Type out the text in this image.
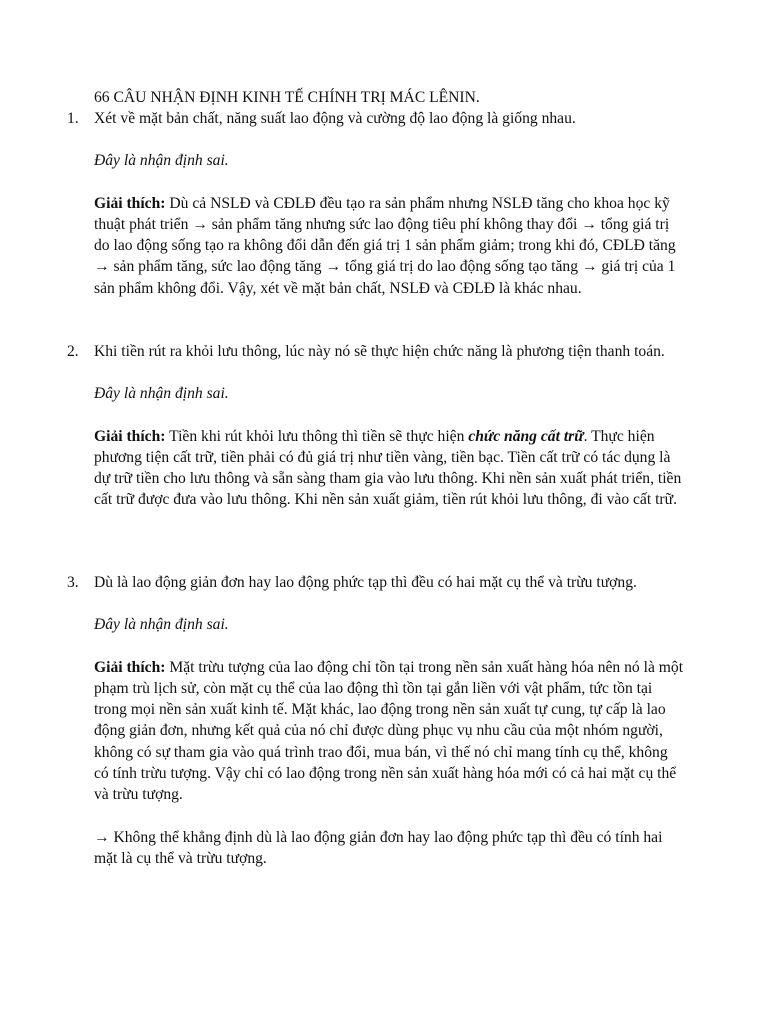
66 CÂU NHẬN ĐỊNH KINH TẾ CHÍNH TRỊ MÁC LÊNIN.
1. Xét về mặt bản chất, năng suất lao động và cường độ lao động là giống nhau.

Đây là nhận định sai.

Giải thích: Dù cả NSLĐ và CĐLĐ đều tạo ra sản phẩm nhưng NSLĐ tăng cho khoa học kỹ thuật phát triển → sản phẩm tăng nhưng sức lao động tiêu phí không thay đổi → tổng giá trị do lao động sống tạo ra không đổi dẫn đến giá trị 1 sản phẩm giảm; trong khi đó, CĐLĐ tăng → sản phẩm tăng, sức lao động tăng → tổng giá trị do lao động sống tạo tăng → giá trị của 1 sản phẩm không đổi. Vậy, xét về mặt bản chất, NSLĐ và CĐLĐ là khác nhau.

2. Khi tiền rút ra khỏi lưu thông, lúc này nó sẽ thực hiện chức năng là phương tiện thanh toán.

Đây là nhận định sai.

Giải thích: Tiền khi rút khỏi lưu thông thì tiền sẽ thực hiện chức năng cất trữ. Thực hiện phương tiện cất trữ, tiền phải có đủ giá trị như tiền vàng, tiền bạc. Tiền cất trữ có tác dụng là dự trữ tiền cho lưu thông và sẵn sàng tham gia vào lưu thông. Khi nền sản xuất phát triển, tiền cất trữ được đưa vào lưu thông. Khi nền sản xuất giảm, tiền rút khỏi lưu thông, đi vào cất trữ.

3. Dù là lao động giản đơn hay lao động phức tạp thì đều có hai mặt cụ thể và trừu tượng.

Đây là nhận định sai.

Giải thích: Mặt trừu tượng của lao động chỉ tồn tại trong nền sản xuất hàng hóa nên nó là một phạm trù lịch sử, còn mặt cụ thể của lao động thì tồn tại gắn liền với vật phẩm, tức tồn tại trong mọi nền sản xuất kinh tế. Mặt khác, lao động trong nền sản xuất tự cung, tự cấp là lao động giản đơn, nhưng kết quả của nó chỉ được dùng phục vụ nhu cầu của một nhóm người, không có sự tham gia vào quá trình trao đổi, mua bán, vì thế nó chỉ mang tính cụ thể, không có tính trừu tượng. Vậy chỉ có lao động trong nền sản xuất hàng hóa mới có cả hai mặt cụ thể và trừu tượng.

→ Không thể khẳng định dù là lao động giản đơn hay lao động phức tạp thì đều có tính hai mặt là cụ thể và trừu tượng.
